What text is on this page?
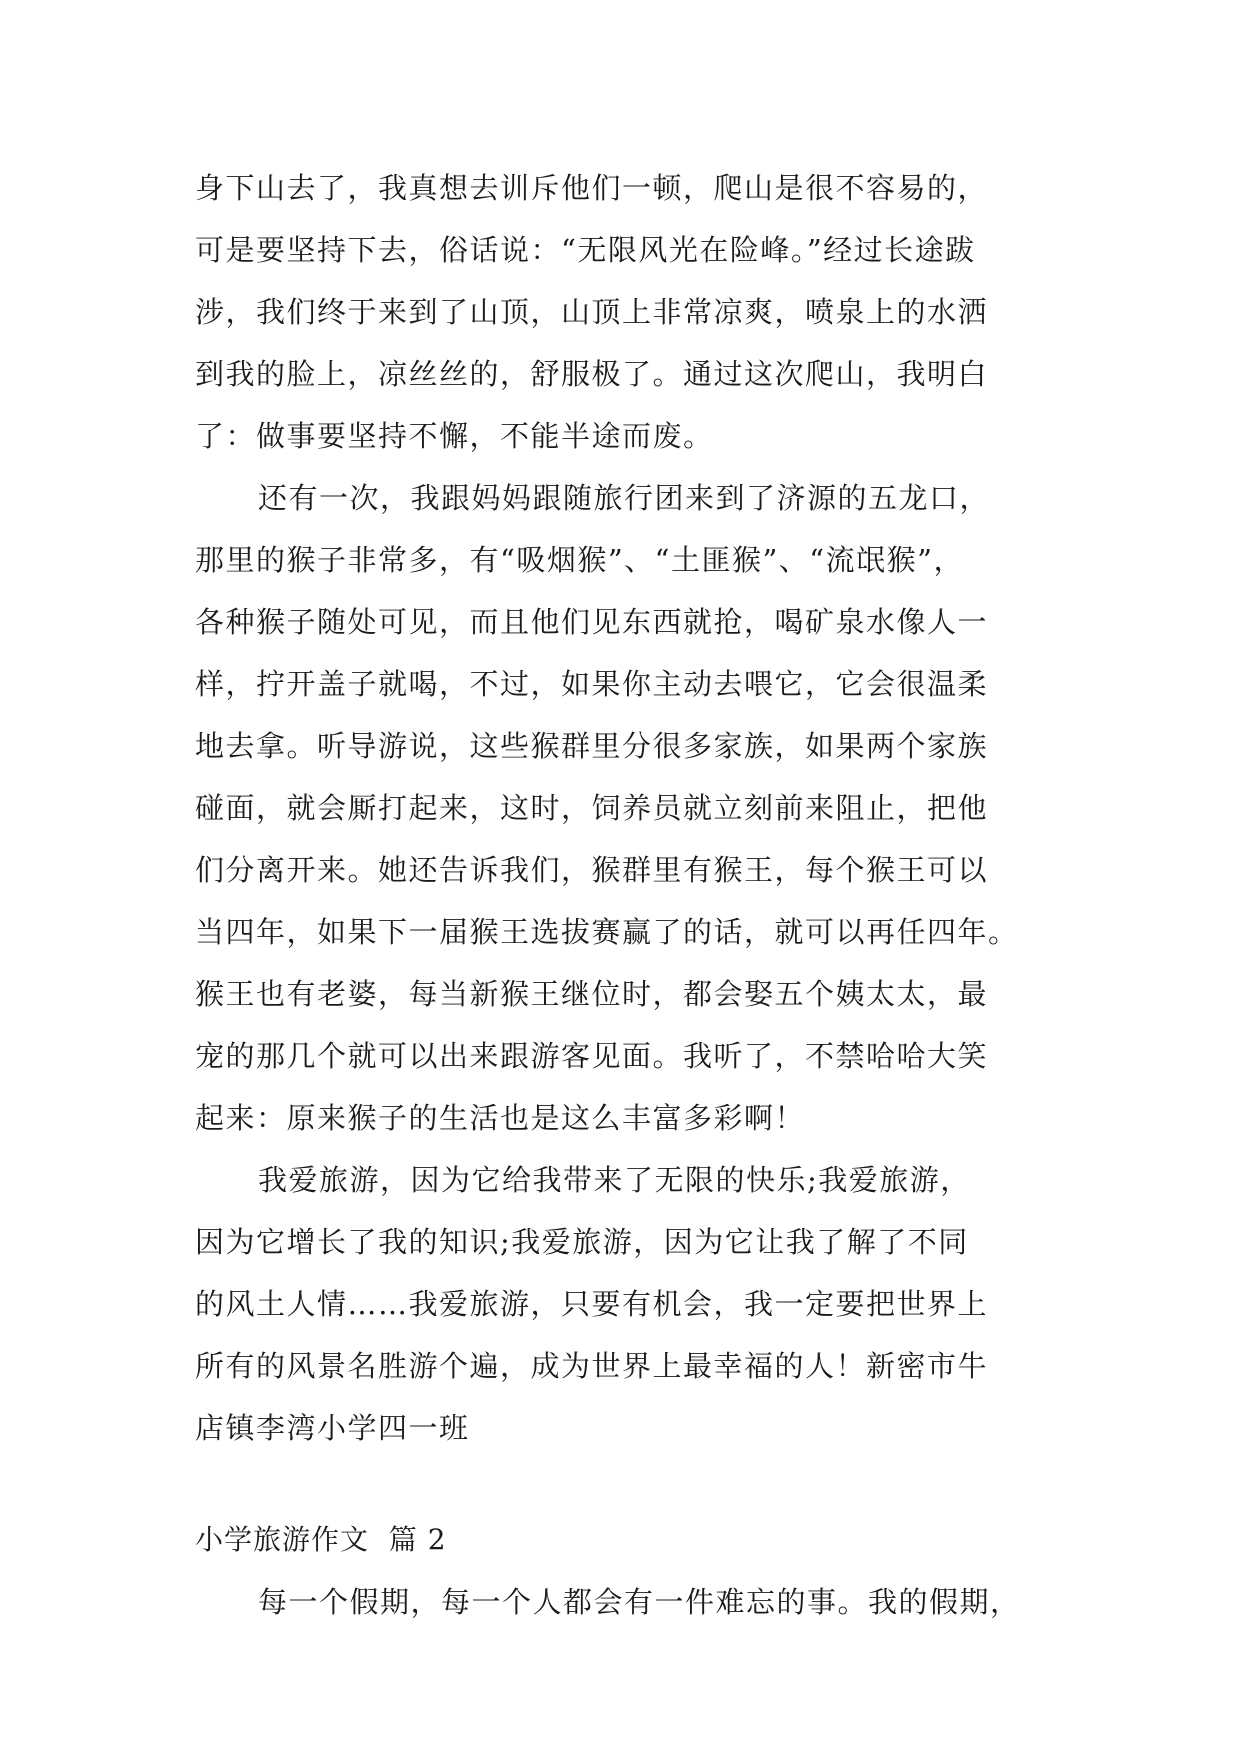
身下山去了，我真想去训斥他们一顿，爬山是很不容易的，
可是要坚持下去，俗话说：“无限风光在险峰。”经过长途跋
涉，我们终于来到了山顶，山顶上非常凉爽，喷泉上的水洒
到我的脸上，凉丝丝的，舒服极了。通过这次爬山，我明白
了：做事要坚持不懈，不能半途而废。
还有一次，我跟妈妈跟随旅行团来到了济源的五龙口，
那里的猴子非常多，有“吸烟猴”、“土匪猴”、“流氓猴”，
各种猴子随处可见，而且他们见东西就抢，喝矿泉水像人一
样，拧开盖子就喝，不过，如果你主动去喂它，它会很温柔
地去拿。听导游说，这些猴群里分很多家族，如果两个家族
碰面，就会厮打起来，这时，饲养员就立刻前来阻止，把他
们分离开来。她还告诉我们，猴群里有猴王，每个猴王可以
当四年，如果下一届猴王选拔赛赢了的话，就可以再任四年。
猴王也有老婆，每当新猴王继位时，都会娶五个姨太太，最
宠的那几个就可以出来跟游客见面。我听了，不禁哈哈大笑
起来：原来猴子的生活也是这么丰富多彩啊！
我爱旅游，因为它给我带来了无限的快乐;我爱旅游，
因为它增长了我的知识;我爱旅游，因为它让我了解了不同
的风土人情……我爱旅游，只要有机会，我一定要把世界上
所有的风景名胜游个遍，成为世界上最幸福的人！新密市牛
店镇李湾小学四一班
小学旅游作文  篇 2
每一个假期，每一个人都会有一件难忘的事。我的假期，
